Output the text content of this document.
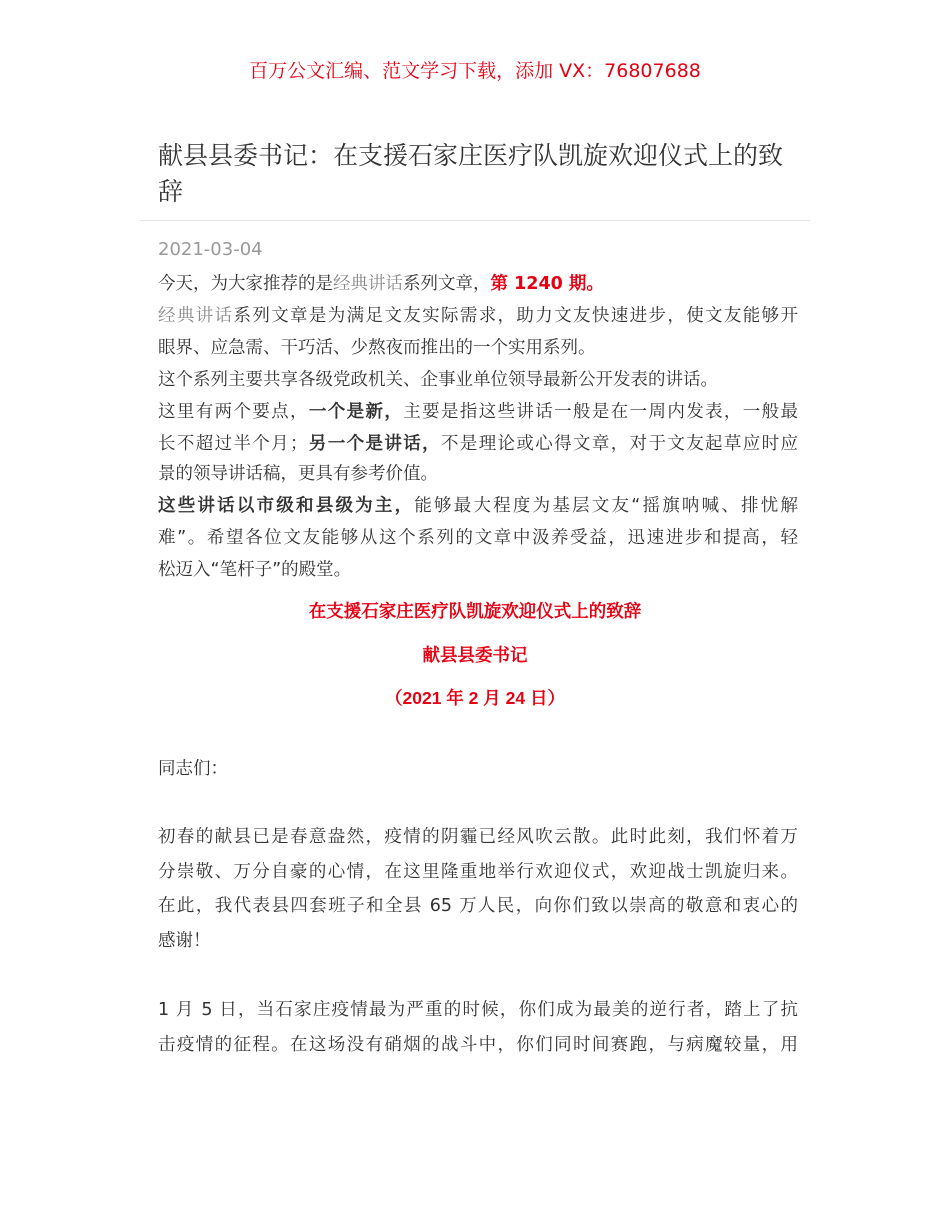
百万公文汇编、范文学习下载，添加 VX：76807688
献县县委书记：在支援石家庄医疗队凯旋欢迎仪式上的致辞
2021-03-04
今天，为大家推荐的是经典讲话系列文章，第 1240 期。
经典讲话系列文章是为满足文友实际需求，助力文友快速进步，使文友能够开
眼界、应急需、干巧活、少熬夜而推出的一个实用系列。
这个系列主要共享各级党政机关、企事业单位领导最新公开发表的讲话。
这里有两个要点，一个是新，主要是指这些讲话一般是在一周内发表，一般最
长不超过半个月；另一个是讲话，不是理论或心得文章，对于文友起草应时应
景的领导讲话稿，更具有参考价值。
这些讲话以市级和县级为主，能够最大程度为基层文友“摇旗呐喊、排忧解
难”。希望各位文友能够从这个系列的文章中汲养受益，迅速进步和提高，轻
松迈入“笔杆子”的殿堂。
在支援石家庄医疗队凯旋欢迎仪式上的致辞
献县县委书记
（2021 年 2 月 24 日）
同志们：
初春的献县已是春意盎然，疫情的阴霾已经风吹云散。此时此刻，我们怀着万
分崇敬、万分自豪的心情，在这里隆重地举行欢迎仪式，欢迎战士凯旋归来。
在此，我代表县四套班子和全县 65 万人民，向你们致以崇高的敬意和衷心的
感谢！
1 月 5 日，当石家庄疫情最为严重的时候，你们成为最美的逆行者，踏上了抗
击疫情的征程。在这场没有硝烟的战斗中，你们同时间赛跑，与病魔较量，用
